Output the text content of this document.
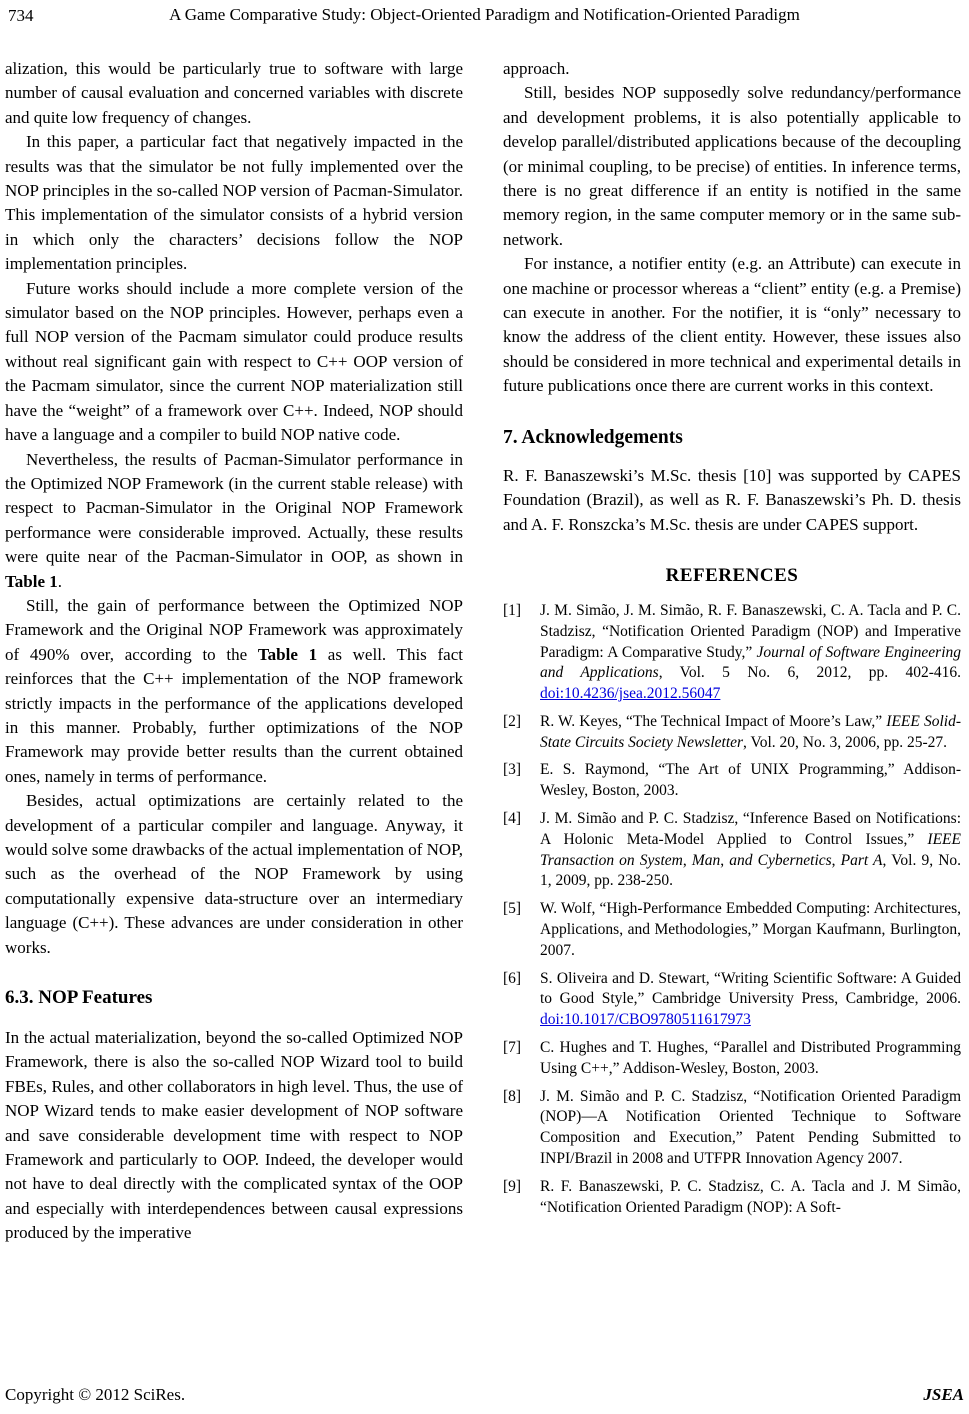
734	A Game Comparative Study: Object-Oriented Paradigm and Notification-Oriented Paradigm

alization, this would be particularly true to software with large number of causal evaluation and concerned variables with discrete and quite low frequency of changes.

In this paper, a particular fact that negatively impacted in the results was that the simulator be not fully implemented over the NOP principles in the so-called NOP version of Pacman-Simulator. This implementation of the simulator consists of a hybrid version in which only the characters’ decisions follow the NOP implementation principles.

Future works should include a more complete version of the simulator based on the NOP principles. However, perhaps even a full NOP version of the Pacmam simulator could produce results without real significant gain with respect to C++ OOP version of the Pacmam simulator, since the current NOP materialization still have the “weight” of a framework over C++. Indeed, NOP should have a language and a compiler to build NOP native code.

Nevertheless, the results of Pacman-Simulator performance in the Optimized NOP Framework (in the current stable release) with respect to Pacman-Simulator in the Original NOP Framework performance were considerable improved. Actually, these results were quite near of the Pacman-Simulator in OOP, as shown in Table 1.

Still, the gain of performance between the Optimized NOP Framework and the Original NOP Framework was approximately of 490% over, according to the Table 1 as well. This fact reinforces that the C++ implementation of the NOP framework strictly impacts in the performance of the applications developed in this manner. Probably, further optimizations of the NOP Framework may provide better results than the current obtained ones, namely in terms of performance.

Besides, actual optimizations are certainly related to the development of a particular compiler and language. Anyway, it would solve some drawbacks of the actual implementation of NOP, such as the overhead of the NOP Framework by using computationally expensive data-structure over an intermediary language (C++). These advances are under consideration in other works.

6.3. NOP Features

In the actual materialization, beyond the so-called Optimized NOP Framework, there is also the so-called NOP Wizard tool to build FBEs, Rules, and other collaborators in high level. Thus, the use of NOP Wizard tends to make easier development of NOP software and save considerable development time with respect to NOP Framework and particularly to OOP. Indeed, the developer would not have to deal directly with the complicated syntax of the OOP and especially with interdependences between causal expressions produced by the imperative

approach.

Still, besides NOP supposedly solve redundancy/performance and development problems, it is also potentially applicable to develop parallel/distributed applications because of the decoupling (or minimal coupling, to be precise) of entities. In inference terms, there is no great difference if an entity is notified in the same memory region, in the same computer memory or in the same sub-network.

For instance, a notifier entity (e.g. an Attribute) can execute in one machine or processor whereas a “client” entity (e.g. a Premise) can execute in another. For the notifier, it is “only” necessary to know the address of the client entity. However, these issues also should be considered in more technical and experimental details in future publications once there are current works in this context.

7. Acknowledgements

R. F. Banaszewski’s M.Sc. thesis [10] was supported by CAPES Foundation (Brazil), as well as R. F. Banaszewski’s Ph. D. thesis and A. F. Ronszcka’s M.Sc. thesis are under CAPES support.

REFERENCES
[1] J. M. Simão, J. M. Simão, R. F. Banaszewski, C. A. Tacla and P. C. Stadzisz, “Notification Oriented Paradigm (NOP) and Imperative Paradigm: A Comparative Study,” Journal of Software Engineering and Applications, Vol. 5 No. 6, 2012, pp. 402-416. doi:10.4236/jsea.2012.56047
[2] R. W. Keyes, “The Technical Impact of Moore’s Law,” IEEE Solid-State Circuits Society Newsletter, Vol. 20, No. 3, 2006, pp. 25-27.
[3] E. S. Raymond, “The Art of UNIX Programming,” Addison-Wesley, Boston, 2003.
[4] J. M. Simão and P. C. Stadzisz, “Inference Based on Notifications: A Holonic Meta-Model Applied to Control Issues,” IEEE Transaction on System, Man, and Cybernetics, Part A, Vol. 9, No. 1, 2009, pp. 238-250.
[5] W. Wolf, “High-Performance Embedded Computing: Architectures, Applications, and Methodologies,” Morgan Kaufmann, Burlington, 2007.
[6] S. Oliveira and D. Stewart, “Writing Scientific Software: A Guided to Good Style,” Cambridge University Press, Cambridge, 2006. doi:10.1017/CBO9780511617973
[7] C. Hughes and T. Hughes, “Parallel and Distributed Programming Using C++,” Addison-Wesley, Boston, 2003.
[8] J. M. Simão and P. C. Stadzisz, “Notification Oriented Paradigm (NOP)—A Notification Oriented Technique to Software Composition and Execution,” Patent Pending Submitted to INPI/Brazil in 2008 and UTFPR Innovation Agency 2007.
[9] R. F. Banaszewski, P. C. Stadzisz, C. A. Tacla and J. M Simão, “Notification Oriented Paradigm (NOP): A Soft-
Copyright © 2012 SciRes.	JSEA
